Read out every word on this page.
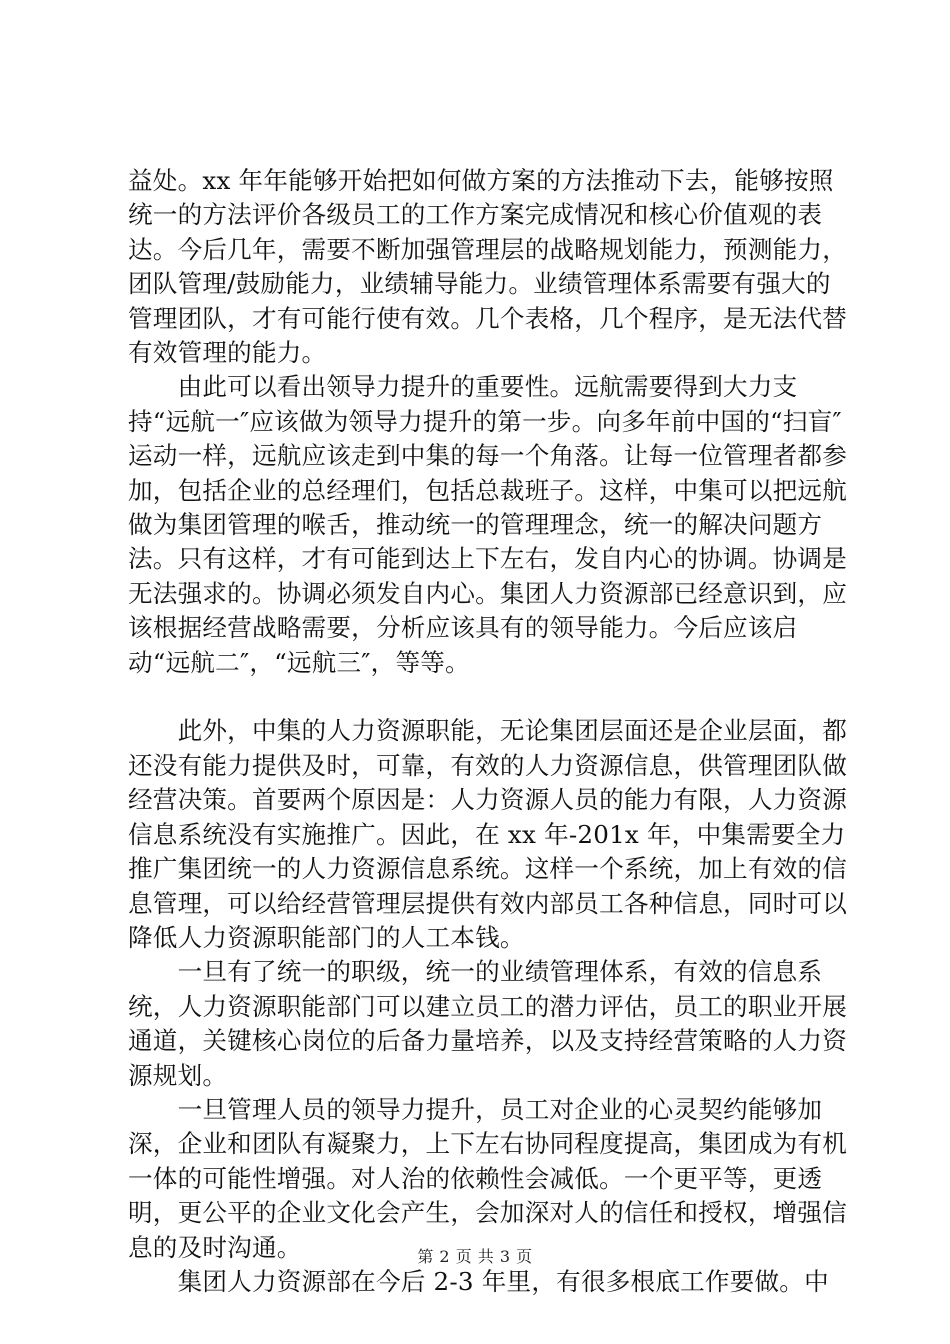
益处。xx 年年能够开始把如何做方案的方法推动下去，能够按照统一的方法评价各级员工的工作方案完成情况和核心价值观的表达。今后几年，需要不断加强管理层的战略规划能力，预测能力，团队管理/鼓励能力，业绩辅导能力。业绩管理体系需要有强大的管理团队，才有可能行使有效。几个表格，几个程序，是无法代替有效管理的能力。

　　由此可以看出领导力提升的重要性。远航需要得到大力支持“远航一″应该做为领导力提升的第一步。向多年前中国的“扫盲″运动一样，远航应该走到中集的每一个角落。让每一位管理者都参加，包括企业的总经理们，包括总裁班子。这样，中集可以把远航做为集团管理的喉舌，推动统一的管理理念，统一的解决问题方法。只有这样，才有可能到达上下左右，发自内心的协调。协调是无法强求的。协调必须发自内心。集团人力资源部已经意识到，应该根据经营战略需要，分析应该具有的领导能力。今后应该启动“远航二″，“远航三″，等等。

　　此外，中集的人力资源职能，无论集团层面还是企业层面，都还没有能力提供及时，可靠，有效的人力资源信息，供管理团队做经营决策。首要两个原因是：人力资源人员的能力有限，人力资源信息系统没有实施推广。因此，在 xx 年-201x 年，中集需要全力推广集团统一的人力资源信息系统。这样一个系统，加上有效的信息管理，可以给经营管理层提供有效内部员工各种信息，同时可以降低人力资源职能部门的人工本钱。

　　一旦有了统一的职级，统一的业绩管理体系，有效的信息系统，人力资源职能部门可以建立员工的潜力评估，员工的职业开展通道，关键核心岗位的后备力量培养，以及支持经营策略的人力资源规划。

　　一旦管理人员的领导力提升，员工对企业的心灵契约能够加深，企业和团队有凝聚力，上下左右协同程度提高，集团成为有机一体的可能性增强。对人治的依赖性会减低。一个更平等，更透明，更公平的企业文化会产生，会加深对人的信任和授权，增强信息的及时沟通。

　　集团人力资源部在今后 2-3 年里，有很多根底工作要做。中

第 2 页 共 3 页
